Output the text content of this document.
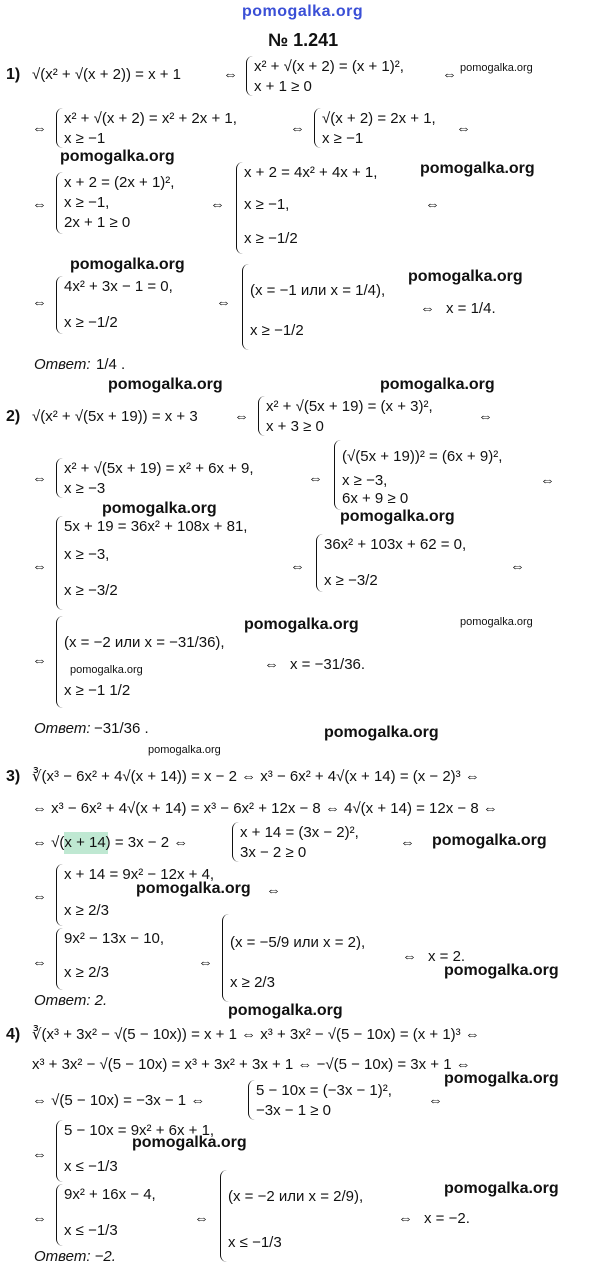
pomogalka.org
№ 1.241
1) √(x² + √(x + 2)) = x + 1	⇔ x² + √(x + 2) = (x + 1)²,
x + 1 ≥ 0
⇔ pomogalka.org
⇔
x² + √(x + 2) = x² + 2x + 1,
x ≥ −1
⇔
√(x + 2) = 2x + 1,
x ≥ −1
⇔
pomogalka.org
⇔
x + 2 = (2x + 1)²,
x ≥ −1,
2x + 1 ≥ 0
⇔
x + 2 = 4x² + 4x + 1,
x ≥ −1,
x ≥ −1/2
pomogalka.org
⇔
pomogalka.org
⇔
4x² + 3x − 1 = 0,
x ≥ −1/2
⇔
(x = −1 или x = 1/4),
x ≥ −1/2
pomogalka.org
⇔ x = 1/4.
Ответ: 1/4 .
pomogalka.org	pomogalka.org
2) √(x² + √(5x + 19)) = x + 3 ⇔
x² + √(5x + 19) = (x + 3)²,
x + 3 ≥ 0
⇔
⇔
x² + √(5x + 19) = x² + 6x + 9,
x ≥ −3
⇔
(√(5x + 19))² = (6x + 9)²,
x ≥ −3,
6x + 9 ≥ 0
⇔
pomogalka.org	pomogalka.org
⇔
5x + 19 = 36x² + 108x + 81,
x ≥ −3,
x ≥ −3/2
⇔
36x² + 103x + 62 = 0,
x ≥ −3/2
⇔
pomogalka.org	pomogalka.org
⇔
(x = −2 или x = −31/36),
pomogalka.org
x ≥ −1 1/2
⇔ x = −31/36.
Ответ: −31/36 .
pomogalka.org
pomogalka.org
3) ∛(x³ − 6x² + 4√(x + 14)) = x − 2 ⇔ x³ − 6x² + 4√(x + 14) = (x − 2)³ ⇔
⇔ x³ − 6x² + 4√(x + 14) = x³ − 6x² + 12x − 8 ⇔ 4√(x + 14) = 12x − 8 ⇔
⇔ √(x + 14) = 3x − 2 ⇔
x + 14 = (3x − 2)²,
3x − 2 ≥ 0
⇔ pomogalka.org
⇔
x + 14 = 9x² − 12x + 4,
x ≥ 2/3
pomogalka.org ⇔
⇔
9x² − 13x − 10,
x ≥ 2/3
⇔
(x = −5/9 или x = 2),
x ≥ 2/3
⇔ x = 2.
pomogalka.org
Ответ: 2.
pomogalka.org
4) ∛(x³ + 3x² − √(5 − 10x)) = x + 1 ⇔ x³ + 3x² − √(5 − 10x) = (x + 1)³ ⇔
x³ + 3x² − √(5 − 10x) = x³ + 3x² + 3x + 1 ⇔ −√(5 − 10x) = 3x + 1 ⇔
⇔ √(5 − 10x) = −3x − 1 ⇔
5 − 10x = (−3x − 1)²,
−3x − 1 ≥ 0
⇔
pomogalka.org
⇔
5 − 10x = 9x² + 6x + 1,
x ≤ −1/3
pomogalka.org
⇔
9x² + 16x − 4,
x ≤ −1/3
⇔
(x = −2 или x = 2/9),
x ≤ −1/3
pomogalka.org
⇔ x = −2.
Ответ: −2.
